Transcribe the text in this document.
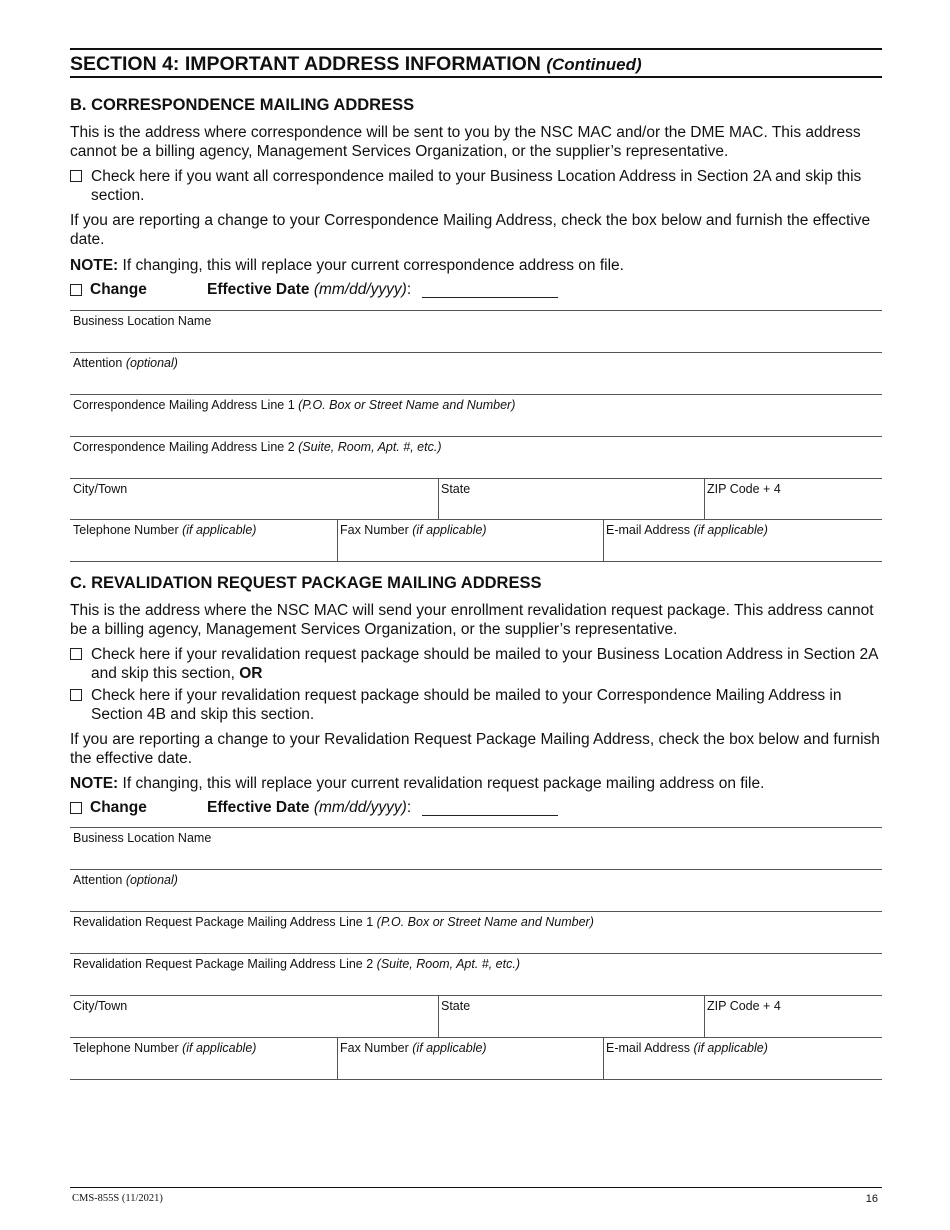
SECTION 4: IMPORTANT ADDRESS INFORMATION (Continued)
B. CORRESPONDENCE MAILING ADDRESS
This is the address where correspondence will be sent to you by the NSC MAC and/or the DME MAC. This address cannot be a billing agency, Management Services Organization, or the supplier’s representative.
Check here if you want all correspondence mailed to your Business Location Address in Section 2A and skip this section.
If you are reporting a change to your Correspondence Mailing Address, check the box below and furnish the effective date.
NOTE: If changing, this will replace your current correspondence address on file.
Change	Effective Date (mm/dd/yyyy):
Business Location Name
Attention (optional)
Correspondence Mailing Address Line 1 (P.O. Box or Street Name and Number)
Correspondence Mailing Address Line 2 (Suite, Room, Apt. #, etc.)
City/Town	State	ZIP Code + 4
Telephone Number (if applicable)	Fax Number (if applicable)	E-mail Address (if applicable)
C. REVALIDATION REQUEST PACKAGE MAILING ADDRESS
This is the address where the NSC MAC will send your enrollment revalidation request package. This address cannot be a billing agency, Management Services Organization, or the supplier’s representative.
Check here if your revalidation request package should be mailed to your Business Location Address in Section 2A and skip this section, OR
Check here if your revalidation request package should be mailed to your Correspondence Mailing Address in Section 4B and skip this section.
If you are reporting a change to your Revalidation Request Package Mailing Address, check the box below and furnish the effective date.
NOTE: If changing, this will replace your current revalidation request package mailing address on file.
Change	Effective Date (mm/dd/yyyy):
Business Location Name
Attention (optional)
Revalidation Request Package Mailing Address Line 1 (P.O. Box or Street Name and Number)
Revalidation Request Package Mailing Address Line 2 (Suite, Room, Apt. #, etc.)
City/Town	State	ZIP Code + 4
Telephone Number (if applicable)	Fax Number (if applicable)	E-mail Address (if applicable)
CMS-855S (11/2021)	16
